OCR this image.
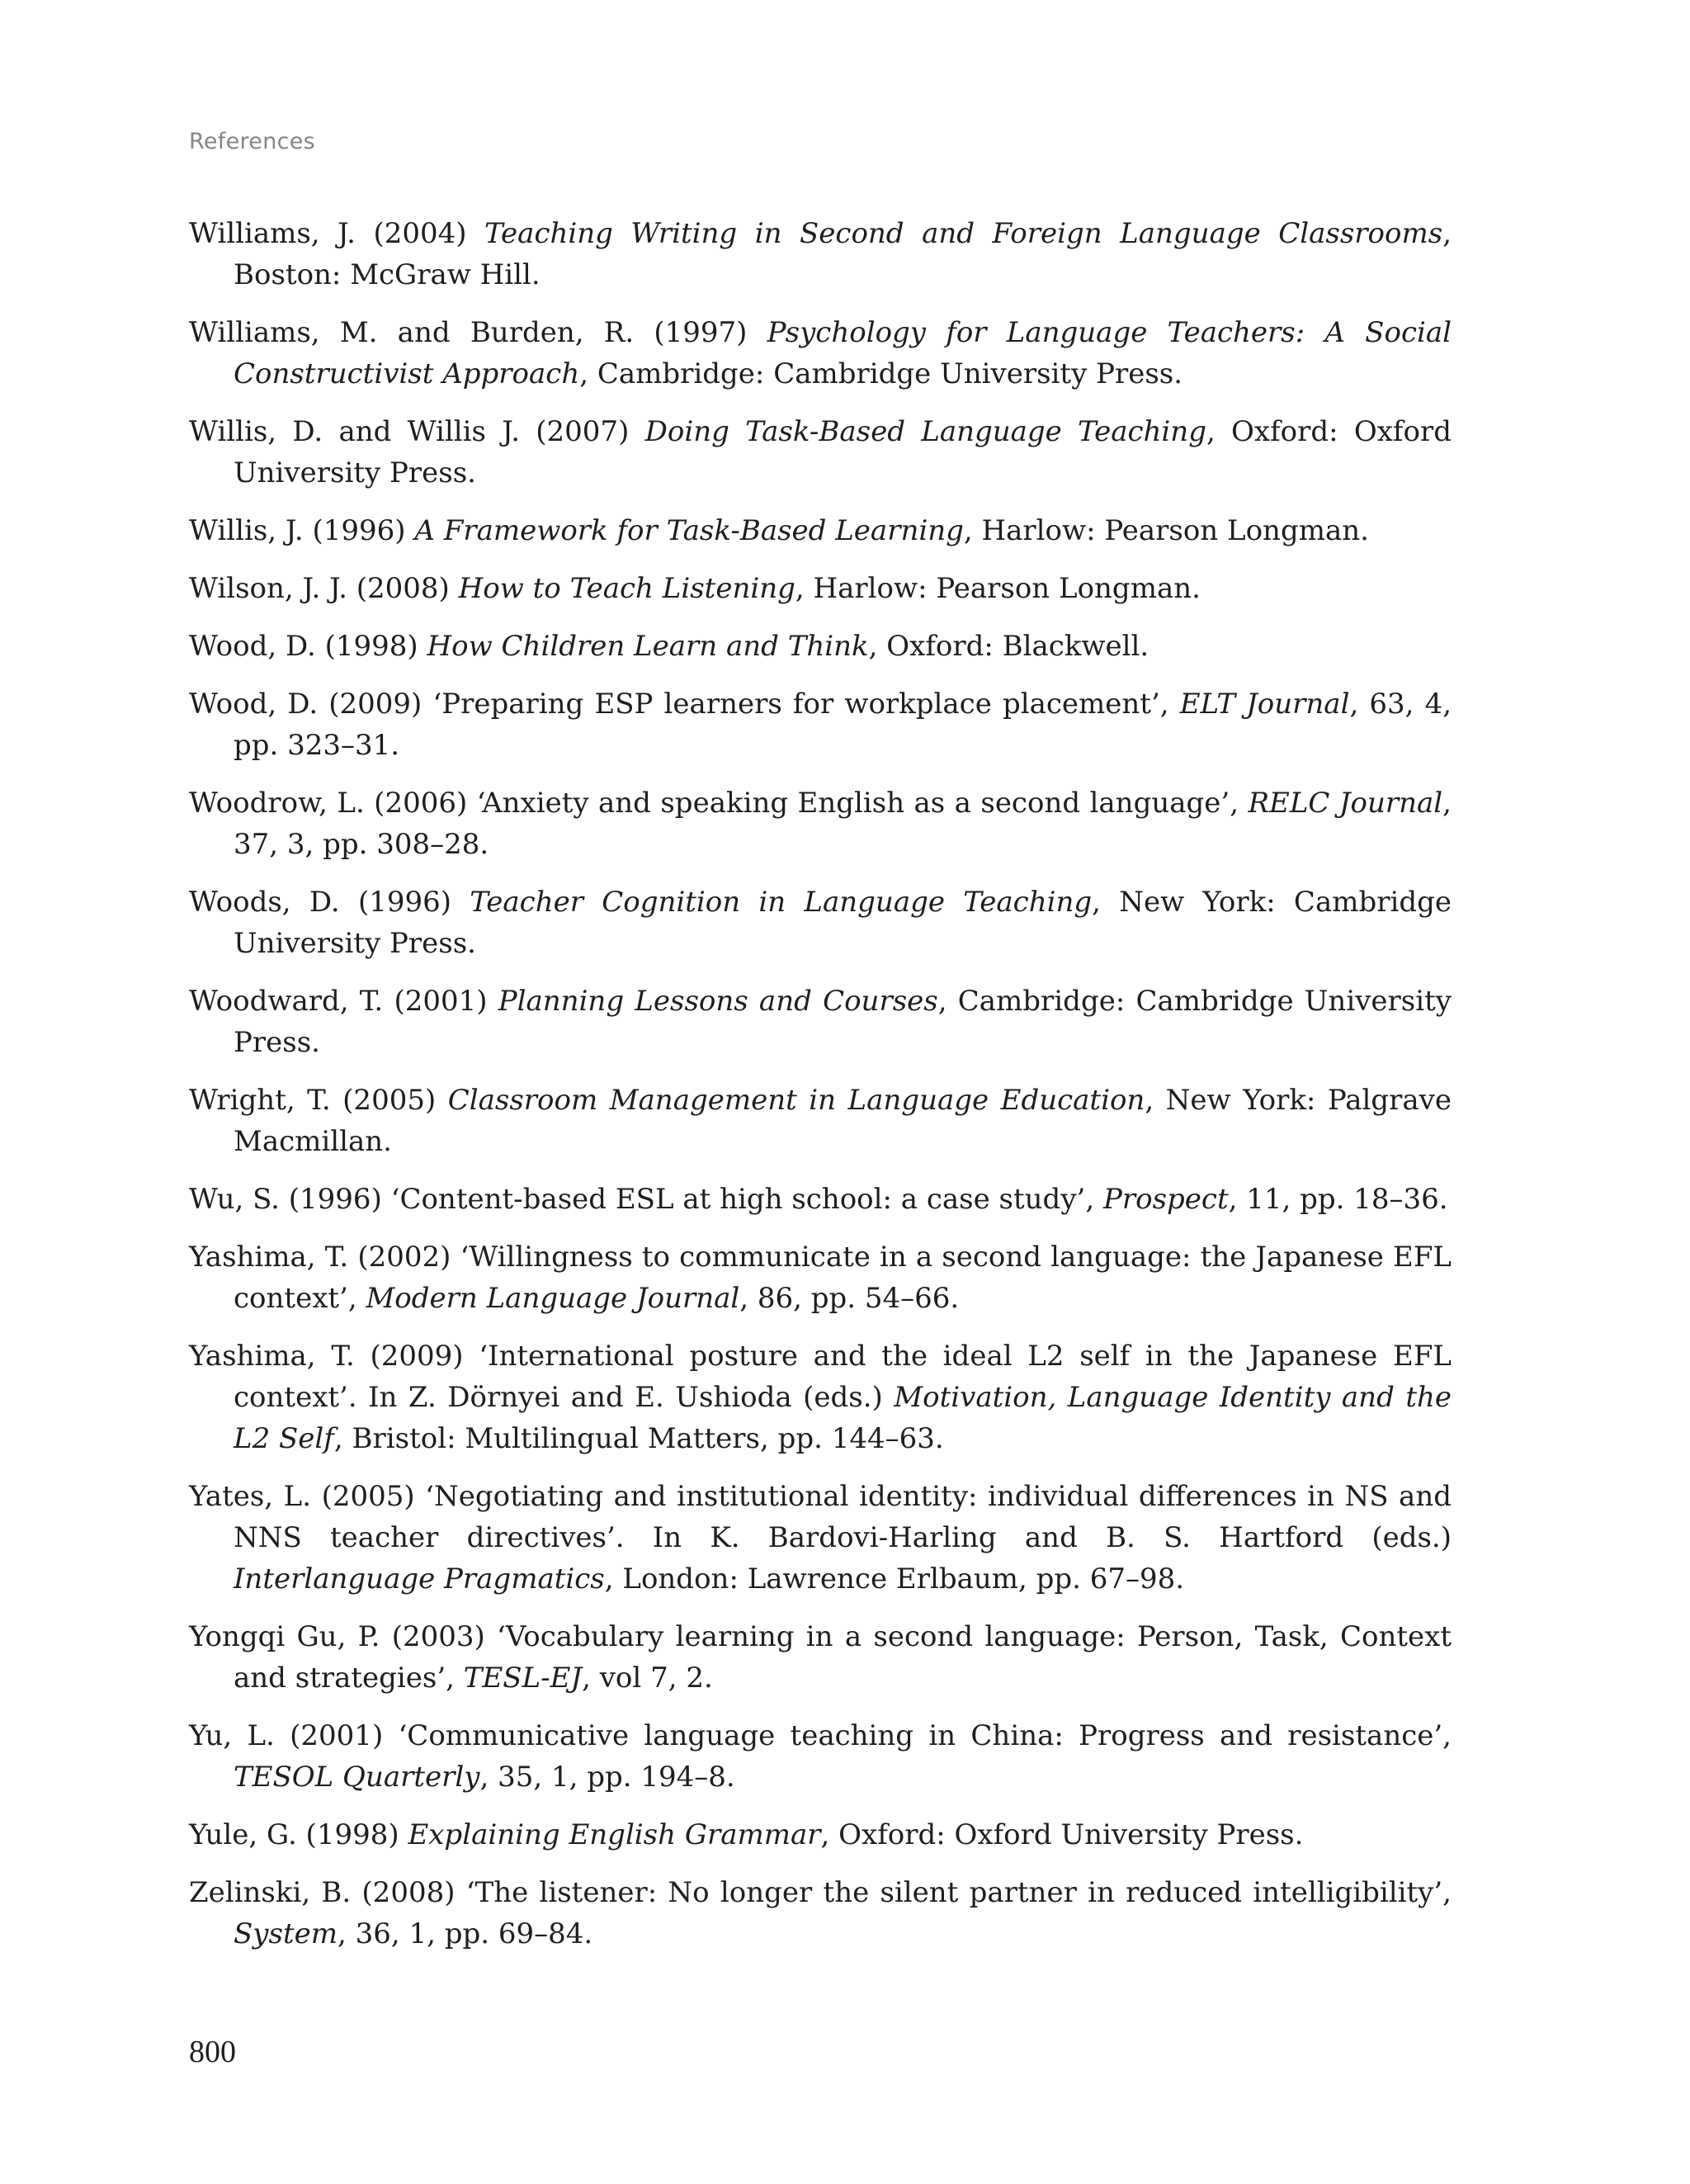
References
Williams, J. (2004) Teaching Writing in Second and Foreign Language Classrooms, Boston: McGraw Hill.
Williams, M. and Burden, R. (1997) Psychology for Language Teachers: A Social Constructivist Approach, Cambridge: Cambridge University Press.
Willis, D. and Willis J. (2007) Doing Task-Based Language Teaching, Oxford: Oxford University Press.
Willis, J. (1996) A Framework for Task-Based Learning, Harlow: Pearson Longman.
Wilson, J. J. (2008) How to Teach Listening, Harlow: Pearson Longman.
Wood, D. (1998) How Children Learn and Think, Oxford: Blackwell.
Wood, D. (2009) ‘Preparing ESP learners for workplace placement’, ELT Journal, 63, 4, pp. 323–31.
Woodrow, L. (2006) ‘Anxiety and speaking English as a second language’, RELC Journal, 37, 3, pp. 308–28.
Woods, D. (1996) Teacher Cognition in Language Teaching, New York: Cambridge University Press.
Woodward, T. (2001) Planning Lessons and Courses, Cambridge: Cambridge University Press.
Wright, T. (2005) Classroom Management in Language Education, New York: Palgrave Macmillan.
Wu, S. (1996) ‘Content-based ESL at high school: a case study’, Prospect, 11, pp. 18–36.
Yashima, T. (2002) ‘Willingness to communicate in a second language: the Japanese EFL context’, Modern Language Journal, 86, pp. 54–66.
Yashima, T. (2009) ‘International posture and the ideal L2 self in the Japanese EFL context’. In Z. Dörnyei and E. Ushioda (eds.) Motivation, Language Identity and the L2 Self, Bristol: Multilingual Matters, pp. 144–63.
Yates, L. (2005) ‘Negotiating and institutional identity: individual differences in NS and NNS teacher directives’. In K. Bardovi-Harling and B. S. Hartford (eds.) Interlanguage Pragmatics, London: Lawrence Erlbaum, pp. 67–98.
Yongqi Gu, P. (2003) ‘Vocabulary learning in a second language: Person, Task, Context and strategies’, TESL-EJ, vol 7, 2.
Yu, L. (2001) ‘Communicative language teaching in China: Progress and resistance’, TESOL Quarterly, 35, 1, pp. 194–8.
Yule, G. (1998) Explaining English Grammar, Oxford: Oxford University Press.
Zelinski, B. (2008) ‘The listener: No longer the silent partner in reduced intelligibility’, System, 36, 1, pp. 69–84.
800
